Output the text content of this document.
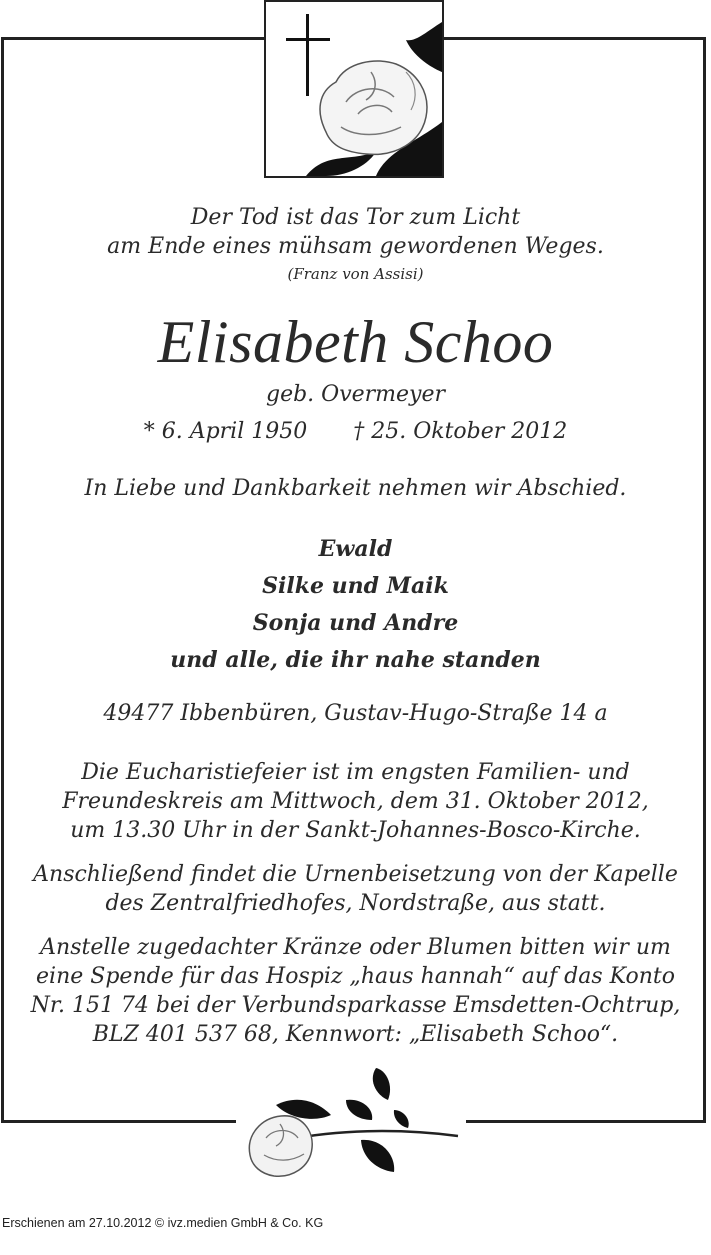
Der Tod ist das Tor zum Licht
am Ende eines mühsam gewordenen Weges.
(Franz von Assisi)
Elisabeth Schoo
geb. Overmeyer
* 6. April 1950 † 25. Oktober 2012
In Liebe und Dankbarkeit nehmen wir Abschied.
Ewald
Silke und Maik
Sonja und Andre
und alle, die ihr nahe standen
49477 Ibbenbüren, Gustav-Hugo-Straße 14 a
Die Eucharistiefeier ist im engsten Familien- und
Freundeskreis am Mittwoch, dem 31. Oktober 2012,
um 13.30 Uhr in der Sankt-Johannes-Bosco-Kirche.
Anschließend findet die Urnenbeisetzung von der Kapelle
des Zentralfriedhofes, Nordstraße, aus statt.
Anstelle zugedachter Kränze oder Blumen bitten wir um
eine Spende für das Hospiz „haus hannah“ auf das Konto
Nr. 151 74 bei der Verbundsparkasse Emsdetten-Ochtrup,
BLZ 401 537 68, Kennwort: „Elisabeth Schoo“.
Erschienen am 27.10.2012 © ivz.medien GmbH & Co. KG
